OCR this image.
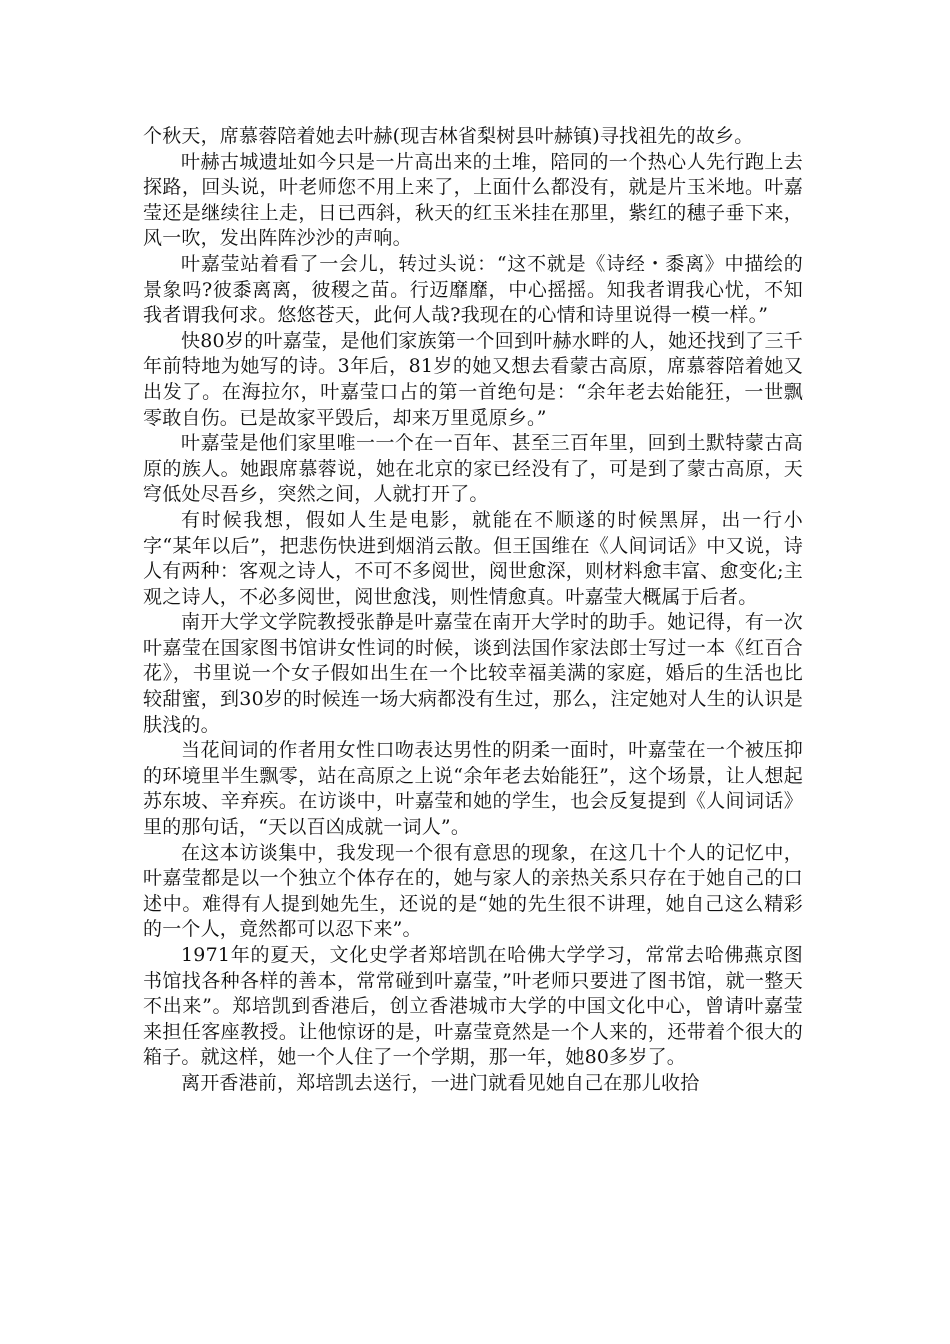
个秋天，席慕蓉陪着她去叶赫(现吉林省梨树县叶赫镇)寻找祖先的故乡。

叶赫古城遗址如今只是一片高出来的土堆，陪同的一个热心人先行跑上去探路，回头说，叶老师您不用上来了，上面什么都没有，就是片玉米地。叶嘉莹还是继续往上走，日已西斜，秋天的红玉米挂在那里，紫红的穗子垂下来，风一吹，发出阵阵沙沙的声响。

叶嘉莹站着看了一会儿，转过头说：“这不就是《诗经・黍离》中描绘的景象吗?彼黍离离，彼稷之苗。行迈靡靡，中心摇摇。知我者谓我心忧，不知我者谓我何求。悠悠苍天，此何人哉?我现在的心情和诗里说得一模一样。”

快80岁的叶嘉莹，是他们家族第一个回到叶赫水畔的人，她还找到了三千年前特地为她写的诗。3年后，81岁的她又想去看蒙古高原，席慕蓉陪着她又出发了。在海拉尔，叶嘉莹口占的第一首绝句是：“余年老去始能狂，一世飘零敢自伤。已是故家平毁后，却来万里觅原乡。”

叶嘉莹是他们家里唯一一个在一百年、甚至三百年里，回到土默特蒙古高原的族人。她跟席慕蓉说，她在北京的家已经没有了，可是到了蒙古高原，天穹低处尽吾乡，突然之间，人就打开了。

有时候我想，假如人生是电影，就能在不顺遂的时候黑屏，出一行小字“某年以后”，把悲伤快进到烟消云散。但王国维在《人间词话》中又说，诗人有两种：客观之诗人，不可不多阅世，阅世愈深，则材料愈丰富、愈变化;主观之诗人，不必多阅世，阅世愈浅，则性情愈真。叶嘉莹大概属于后者。

南开大学文学院教授张静是叶嘉莹在南开大学时的助手。她记得，有一次叶嘉莹在国家图书馆讲女性词的时候，谈到法国作家法郎士写过一本《红百合花》，书里说一个女子假如出生在一个比较幸福美满的家庭，婚后的生活也比较甜蜜，到30岁的时候连一场大病都没有生过，那么，注定她对人生的认识是肤浅的。

当花间词的作者用女性口吻表达男性的阴柔一面时，叶嘉莹在一个被压抑的环境里半生飘零，站在高原之上说“余年老去始能狂”，这个场景，让人想起苏东坡、辛弃疾。在访谈中，叶嘉莹和她的学生，也会反复提到《人间词话》里的那句话，“天以百凶成就一词人”。

在这本访谈集中，我发现一个很有意思的现象，在这几十个人的记忆中，叶嘉莹都是以一个独立个体存在的，她与家人的亲热关系只存在于她自己的口述中。难得有人提到她先生，还说的是“她的先生很不讲理，她自己这么精彩的一个人，竟然都可以忍下来”。

1971年的夏天，文化史学者郑培凯在哈佛大学学习，常常去哈佛燕京图书馆找各种各样的善本，常常碰到叶嘉莹，”叶老师只要进了图书馆，就一整天不出来”。郑培凯到香港后，创立香港城市大学的中国文化中心，曾请叶嘉莹来担任客座教授。让他惊讶的是，叶嘉莹竟然是一个人来的，还带着个很大的箱子。就这样，她一个人住了一个学期，那一年，她80多岁了。

离开香港前，郑培凯去送行，一进门就看见她自己在那儿收拾
